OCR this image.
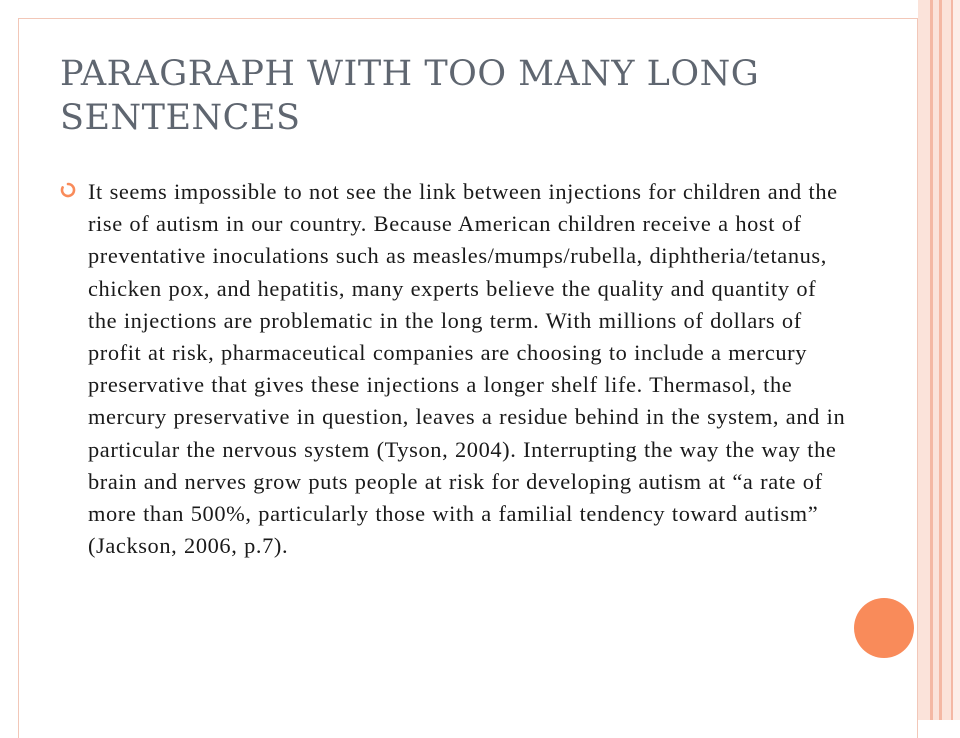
PARAGRAPH WITH TOO MANY LONG SENTENCES

It seems impossible to not see the link between injections for children and the rise of autism in our country. Because American children receive a host of preventative inoculations such as measles/mumps/rubella, diphtheria/tetanus, chicken pox, and hepatitis, many experts believe the quality and quantity of the injections are problematic in the long term. With millions of dollars of profit at risk, pharmaceutical companies are choosing to include a mercury preservative that gives these injections a longer shelf life. Thermasol, the mercury preservative in question, leaves a residue behind in the system, and in particular the nervous system (Tyson, 2004). Interrupting the way the way the brain and nerves grow puts people at risk for developing autism at “a rate of more than 500%, particularly those with a familial tendency toward autism” (Jackson, 2006, p.7).
